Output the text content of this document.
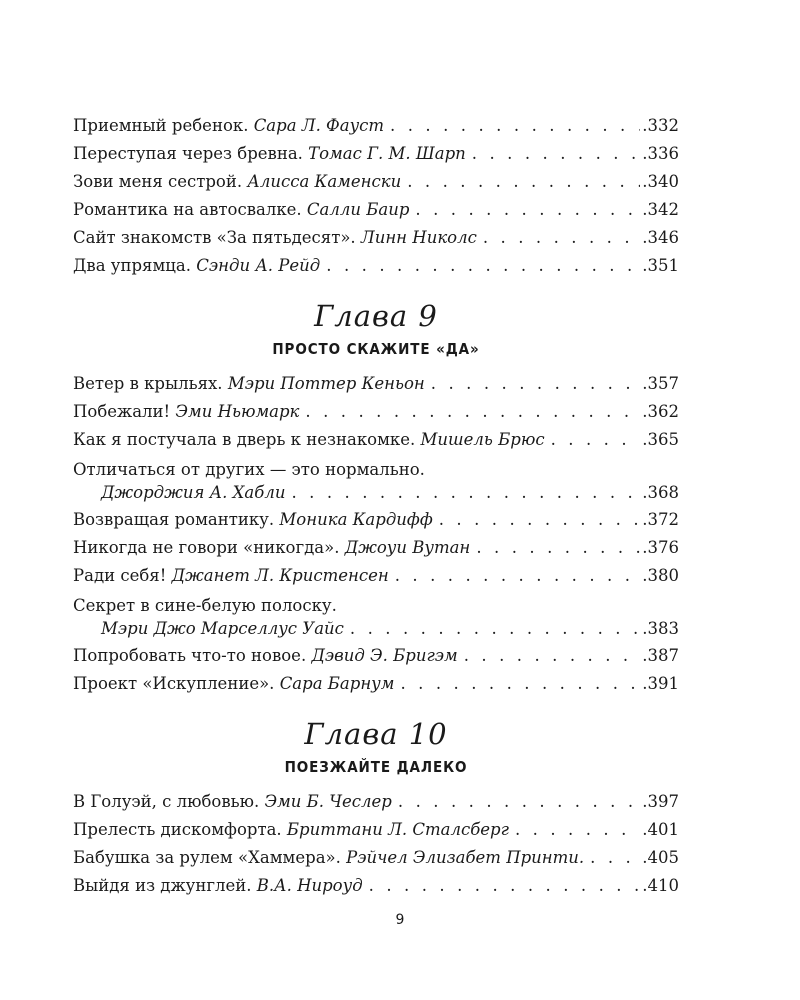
Приемный ребенок. Сара Л. Фауст . . .	.332
Переступая через бревна. Томас Г. М. Шарп . . .	.336
Зови меня сестрой. Алисса Каменски . . .	.340
Романтика на автосвалке. Салли Баир . . .	.342
Сайт знакомств «За пятьдесят». Линн Николс . . .	.346
Два упрямца. Сэнди А. Рейд . . .	.351
Глава 9
ПРОСТО СКАЖИТЕ «ДА»
Ветер в крыльях. Мэри Поттер Кеньон . . .	.357
Побежали! Эми Ньюмарк . . .	.362
Как я постучала в дверь к незнакомке. Мишель Брюс . . .	.365
Отличаться от других — это нормально.
Джорджия А. Хабли . . .	.368
Возвращая романтику. Моника Кардифф . . .	.372
Никогда не говори «никогда». Джоуи Вутан . . .	.376
Ради себя! Джанет Л. Кристенсен . . .	.380
Секрет в сине-белую полоску.
Мэри Джо Марселлус Уайс . . .	.383
Попробовать что-то новое. Дэвид Э. Бригэм . . .	.387
Проект «Искупление». Сара Барнум . . .	.391
Глава 10
ПОЕЗЖАЙТЕ ДАЛЕКО
В Голуэй, с любовью. Эми Б. Чеслер . . .	.397
Прелесть дискомфорта. Бриттани Л. Сталсберг . . .	.401
Бабушка за рулем «Хаммера». Рэйчел Элизабет Принти. . . .	.405
Выйдя из джунглей. В.А. Нироуд . . .	.410
9
